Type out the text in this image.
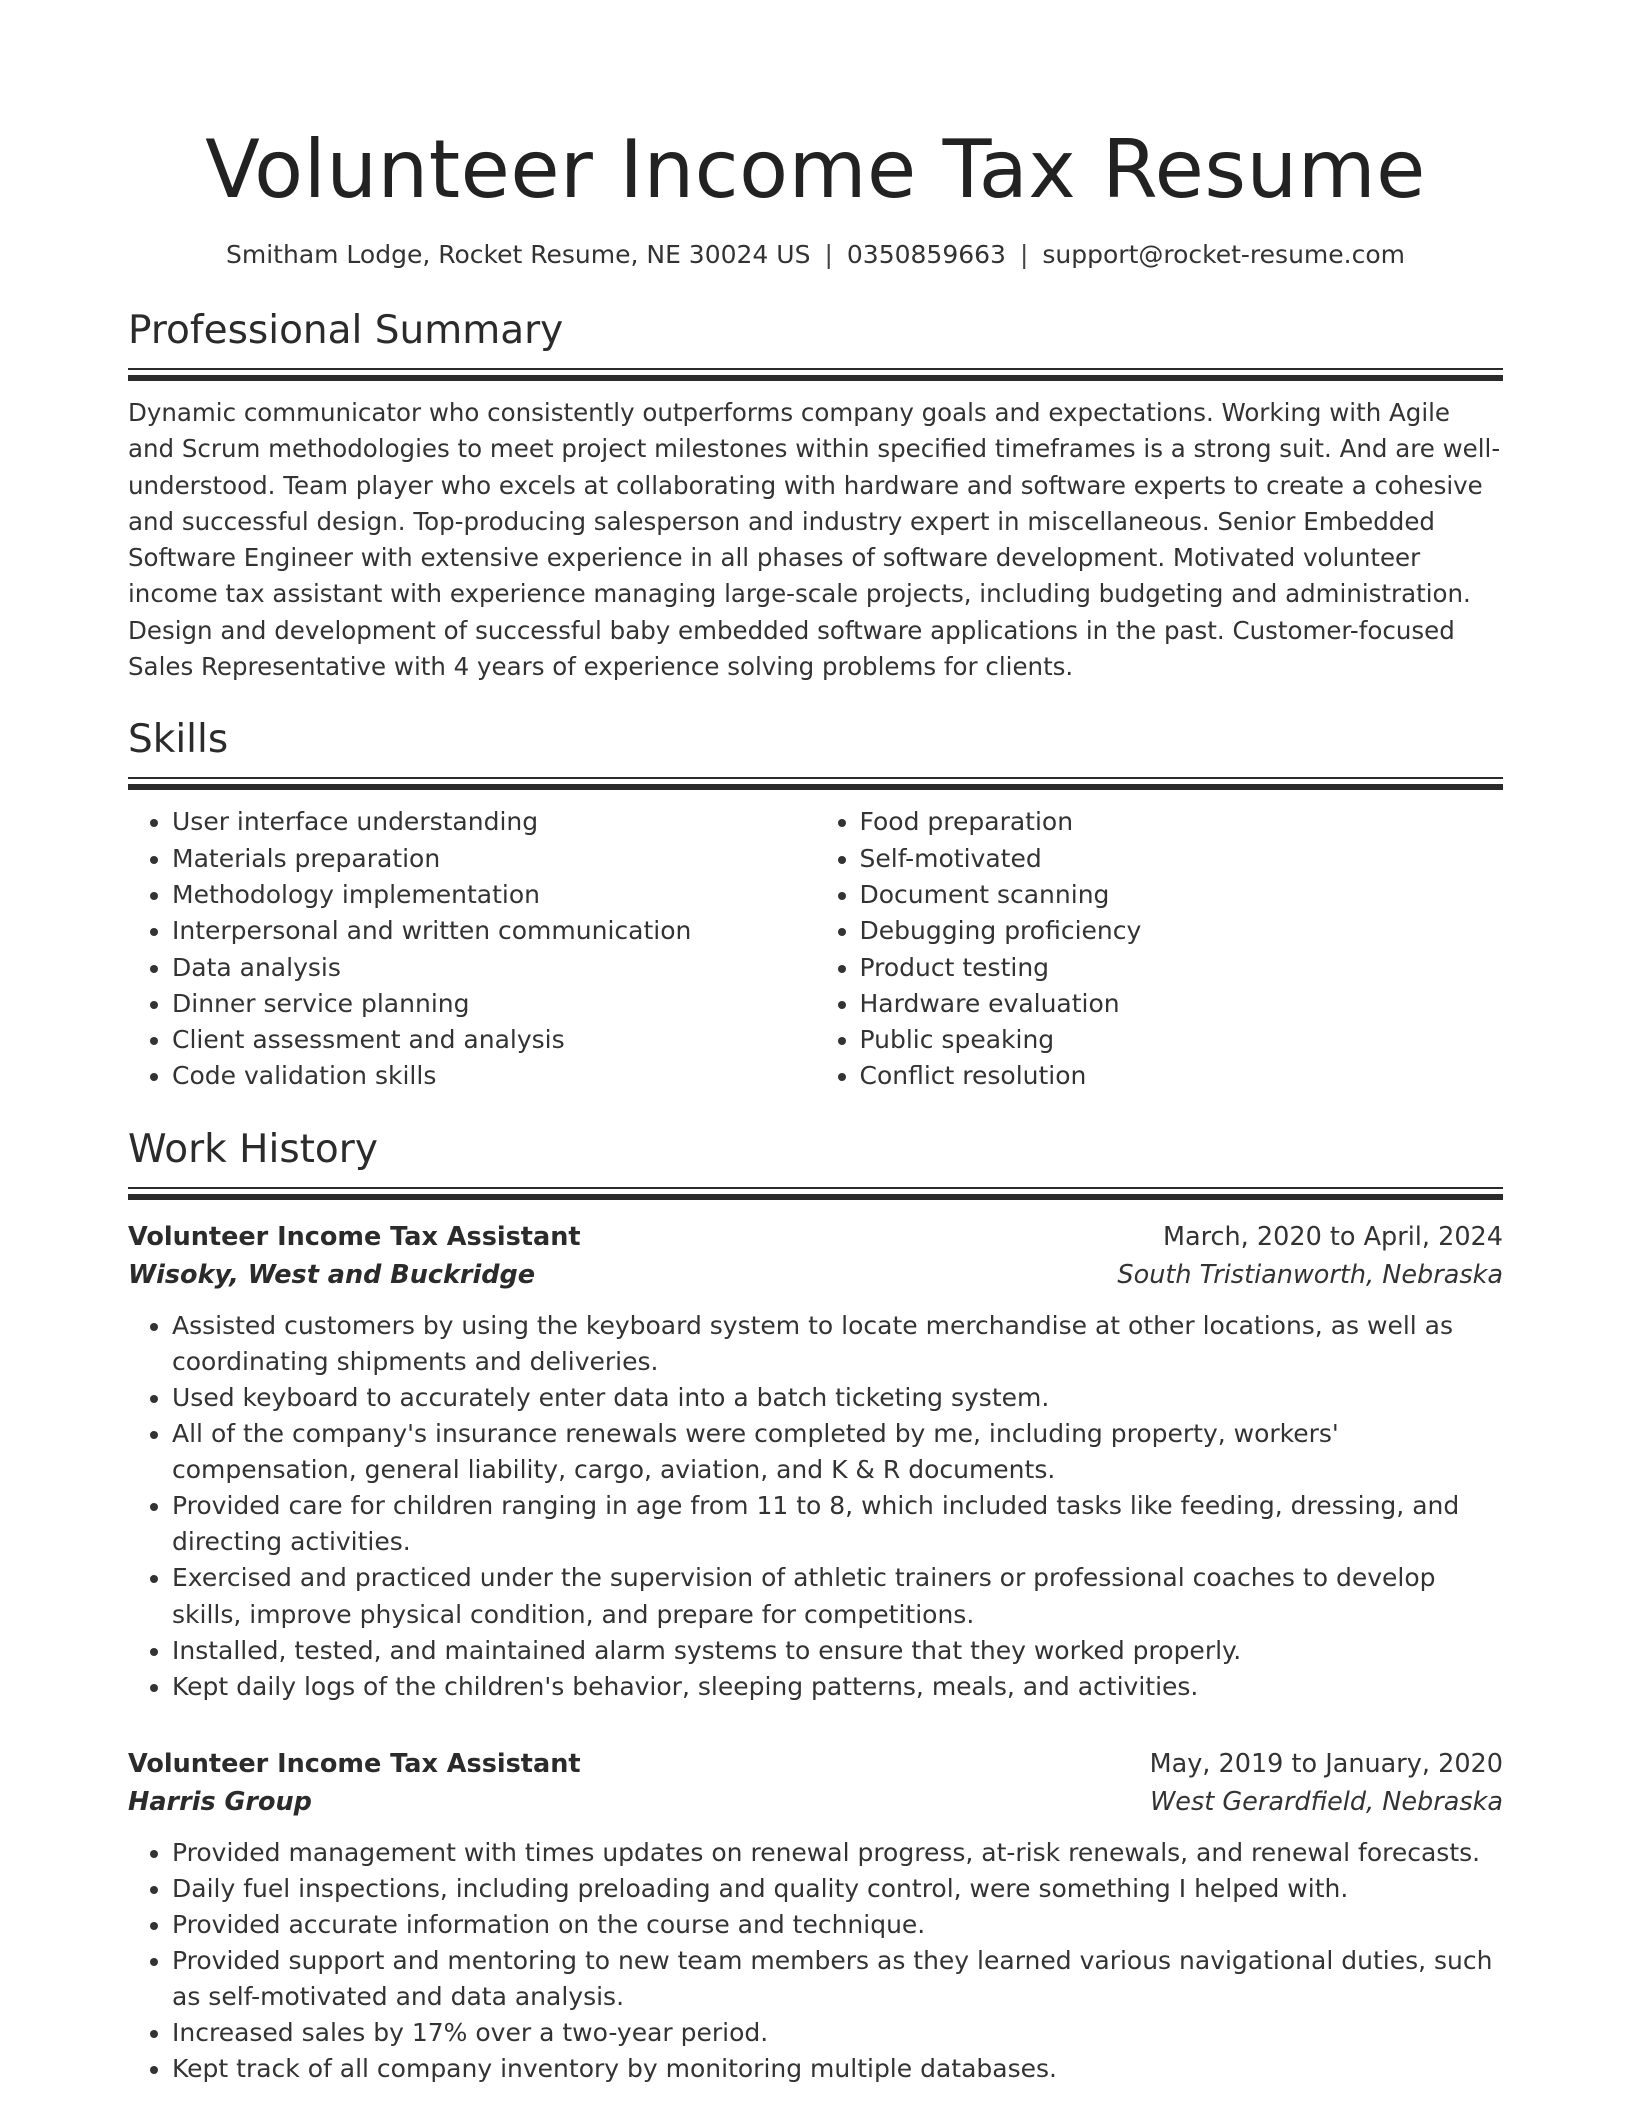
Volunteer Income Tax Resume
Smitham Lodge, Rocket Resume, NE 30024 US | 0350859663 | support@rocket-resume.com
Professional Summary
Dynamic communicator who consistently outperforms company goals and expectations. Working with Agile and Scrum methodologies to meet project milestones within specified timeframes is a strong suit. And are well-understood. Team player who excels at collaborating with hardware and software experts to create a cohesive and successful design. Top-producing salesperson and industry expert in miscellaneous. Senior Embedded Software Engineer with extensive experience in all phases of software development. Motivated volunteer income tax assistant with experience managing large-scale projects, including budgeting and administration. Design and development of successful baby embedded software applications in the past. Customer-focused Sales Representative with 4 years of experience solving problems for clients.
Skills
• User interface understanding
• Materials preparation
• Methodology implementation
• Interpersonal and written communication
• Data analysis
• Dinner service planning
• Client assessment and analysis
• Code validation skills
• Food preparation
• Self-motivated
• Document scanning
• Debugging proficiency
• Product testing
• Hardware evaluation
• Public speaking
• Conflict resolution
Work History
Volunteer Income Tax Assistant	March, 2020 to April, 2024
Wisoky, West and Buckridge	South Tristianworth, Nebraska
• Assisted customers by using the keyboard system to locate merchandise at other locations, as well as coordinating shipments and deliveries.
• Used keyboard to accurately enter data into a batch ticketing system.
• All of the company's insurance renewals were completed by me, including property, workers' compensation, general liability, cargo, aviation, and K & R documents.
• Provided care for children ranging in age from 11 to 8, which included tasks like feeding, dressing, and directing activities.
• Exercised and practiced under the supervision of athletic trainers or professional coaches to develop skills, improve physical condition, and prepare for competitions.
• Installed, tested, and maintained alarm systems to ensure that they worked properly.
• Kept daily logs of the children's behavior, sleeping patterns, meals, and activities.
Volunteer Income Tax Assistant	May, 2019 to January, 2020
Harris Group	West Gerardfield, Nebraska
• Provided management with times updates on renewal progress, at-risk renewals, and renewal forecasts.
• Daily fuel inspections, including preloading and quality control, were something I helped with.
• Provided accurate information on the course and technique.
• Provided support and mentoring to new team members as they learned various navigational duties, such as self-motivated and data analysis.
• Increased sales by 17% over a two-year period.
• Kept track of all company inventory by monitoring multiple databases.
